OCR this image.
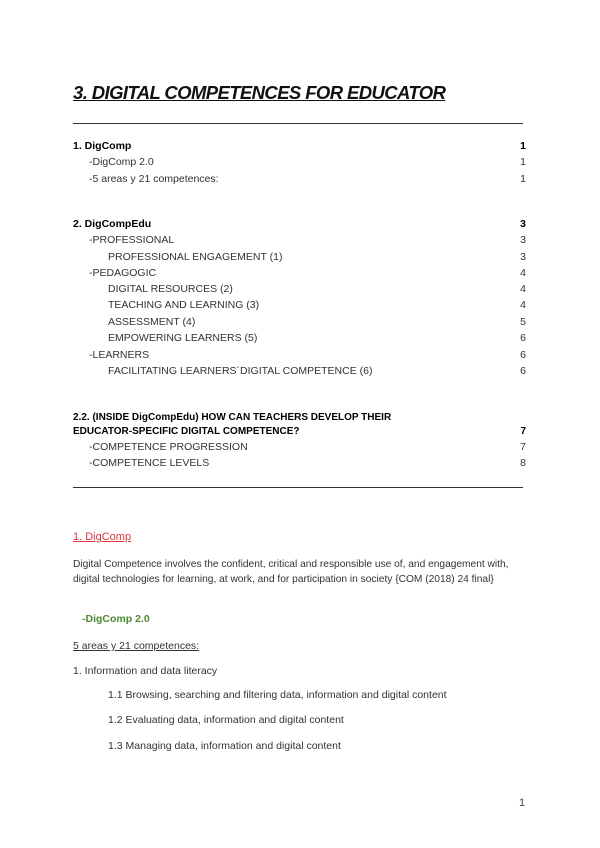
3. DIGITAL COMPETENCES FOR EDUCATOR
1. DigComp	1
-DigComp 2.0	1
-5 areas y 21 competences:	1
2. DigCompEdu	3
-PROFESSIONAL	3
PROFESSIONAL ENGAGEMENT (1)	3
-PEDAGOGIC	4
DIGITAL RESOURCES (2)	4
TEACHING AND LEARNING (3)	4
ASSESSMENT (4)	5
EMPOWERING LEARNERS (5)	6
-LEARNERS	6
FACILITATING LEARNERS´DIGITAL COMPETENCE (6)	6
2.2. (INSIDE DigCompEdu) HOW CAN TEACHERS DEVELOP THEIR
EDUCATOR-SPECIFIC DIGITAL COMPETENCE?	7
-COMPETENCE PROGRESSION	7
-COMPETENCE LEVELS	8
1. DigComp
Digital Competence involves the confident, critical and responsible use of, and engagement with, digital technologies for learning, at work, and for participation in society {COM (2018) 24 final}
-DigComp 2.0
5 areas y 21 competences:
1. Information and data literacy
1.1 Browsing, searching and filtering data, information and digital content
1.2 Evaluating data, information and digital content
1.3 Managing data, information and digital content
1
